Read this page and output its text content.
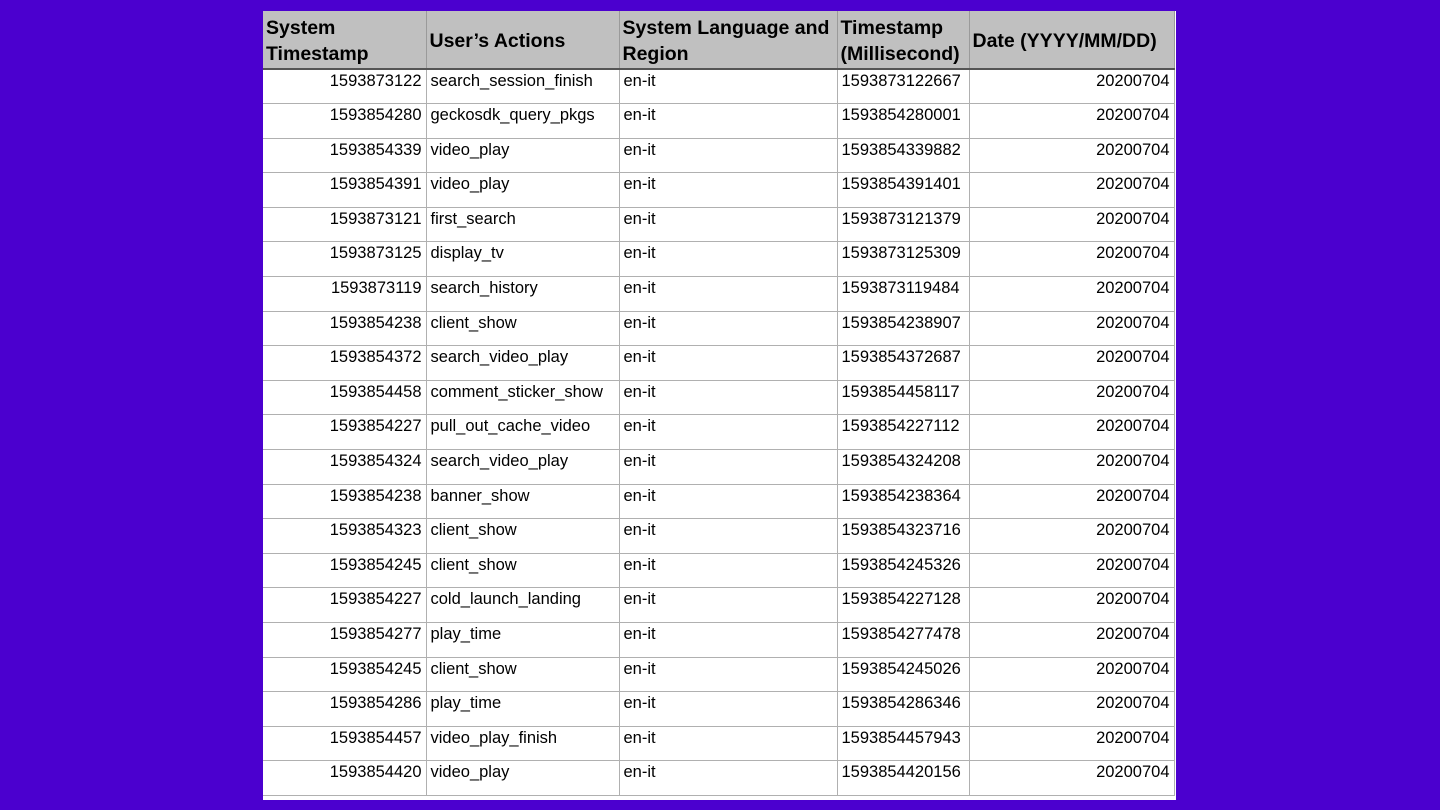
System Timestamp	User’s Actions	System Language and Region	Timestamp (Millisecond)	Date (YYYY/MM/DD)
1593873122	search_session_finish	en-it	1593873122667	20200704
1593854280	geckosdk_query_pkgs	en-it	1593854280001	20200704
1593854339	video_play	en-it	1593854339882	20200704
1593854391	video_play	en-it	1593854391401	20200704
1593873121	first_search	en-it	1593873121379	20200704
1593873125	display_tv	en-it	1593873125309	20200704
1593873119	search_history	en-it	1593873119484	20200704
1593854238	client_show	en-it	1593854238907	20200704
1593854372	search_video_play	en-it	1593854372687	20200704
1593854458	comment_sticker_show	en-it	1593854458117	20200704
1593854227	pull_out_cache_video	en-it	1593854227112	20200704
1593854324	search_video_play	en-it	1593854324208	20200704
1593854238	banner_show	en-it	1593854238364	20200704
1593854323	client_show	en-it	1593854323716	20200704
1593854245	client_show	en-it	1593854245326	20200704
1593854227	cold_launch_landing	en-it	1593854227128	20200704
1593854277	play_time	en-it	1593854277478	20200704
1593854245	client_show	en-it	1593854245026	20200704
1593854286	play_time	en-it	1593854286346	20200704
1593854457	video_play_finish	en-it	1593854457943	20200704
1593854420	video_play	en-it	1593854420156	20200704
